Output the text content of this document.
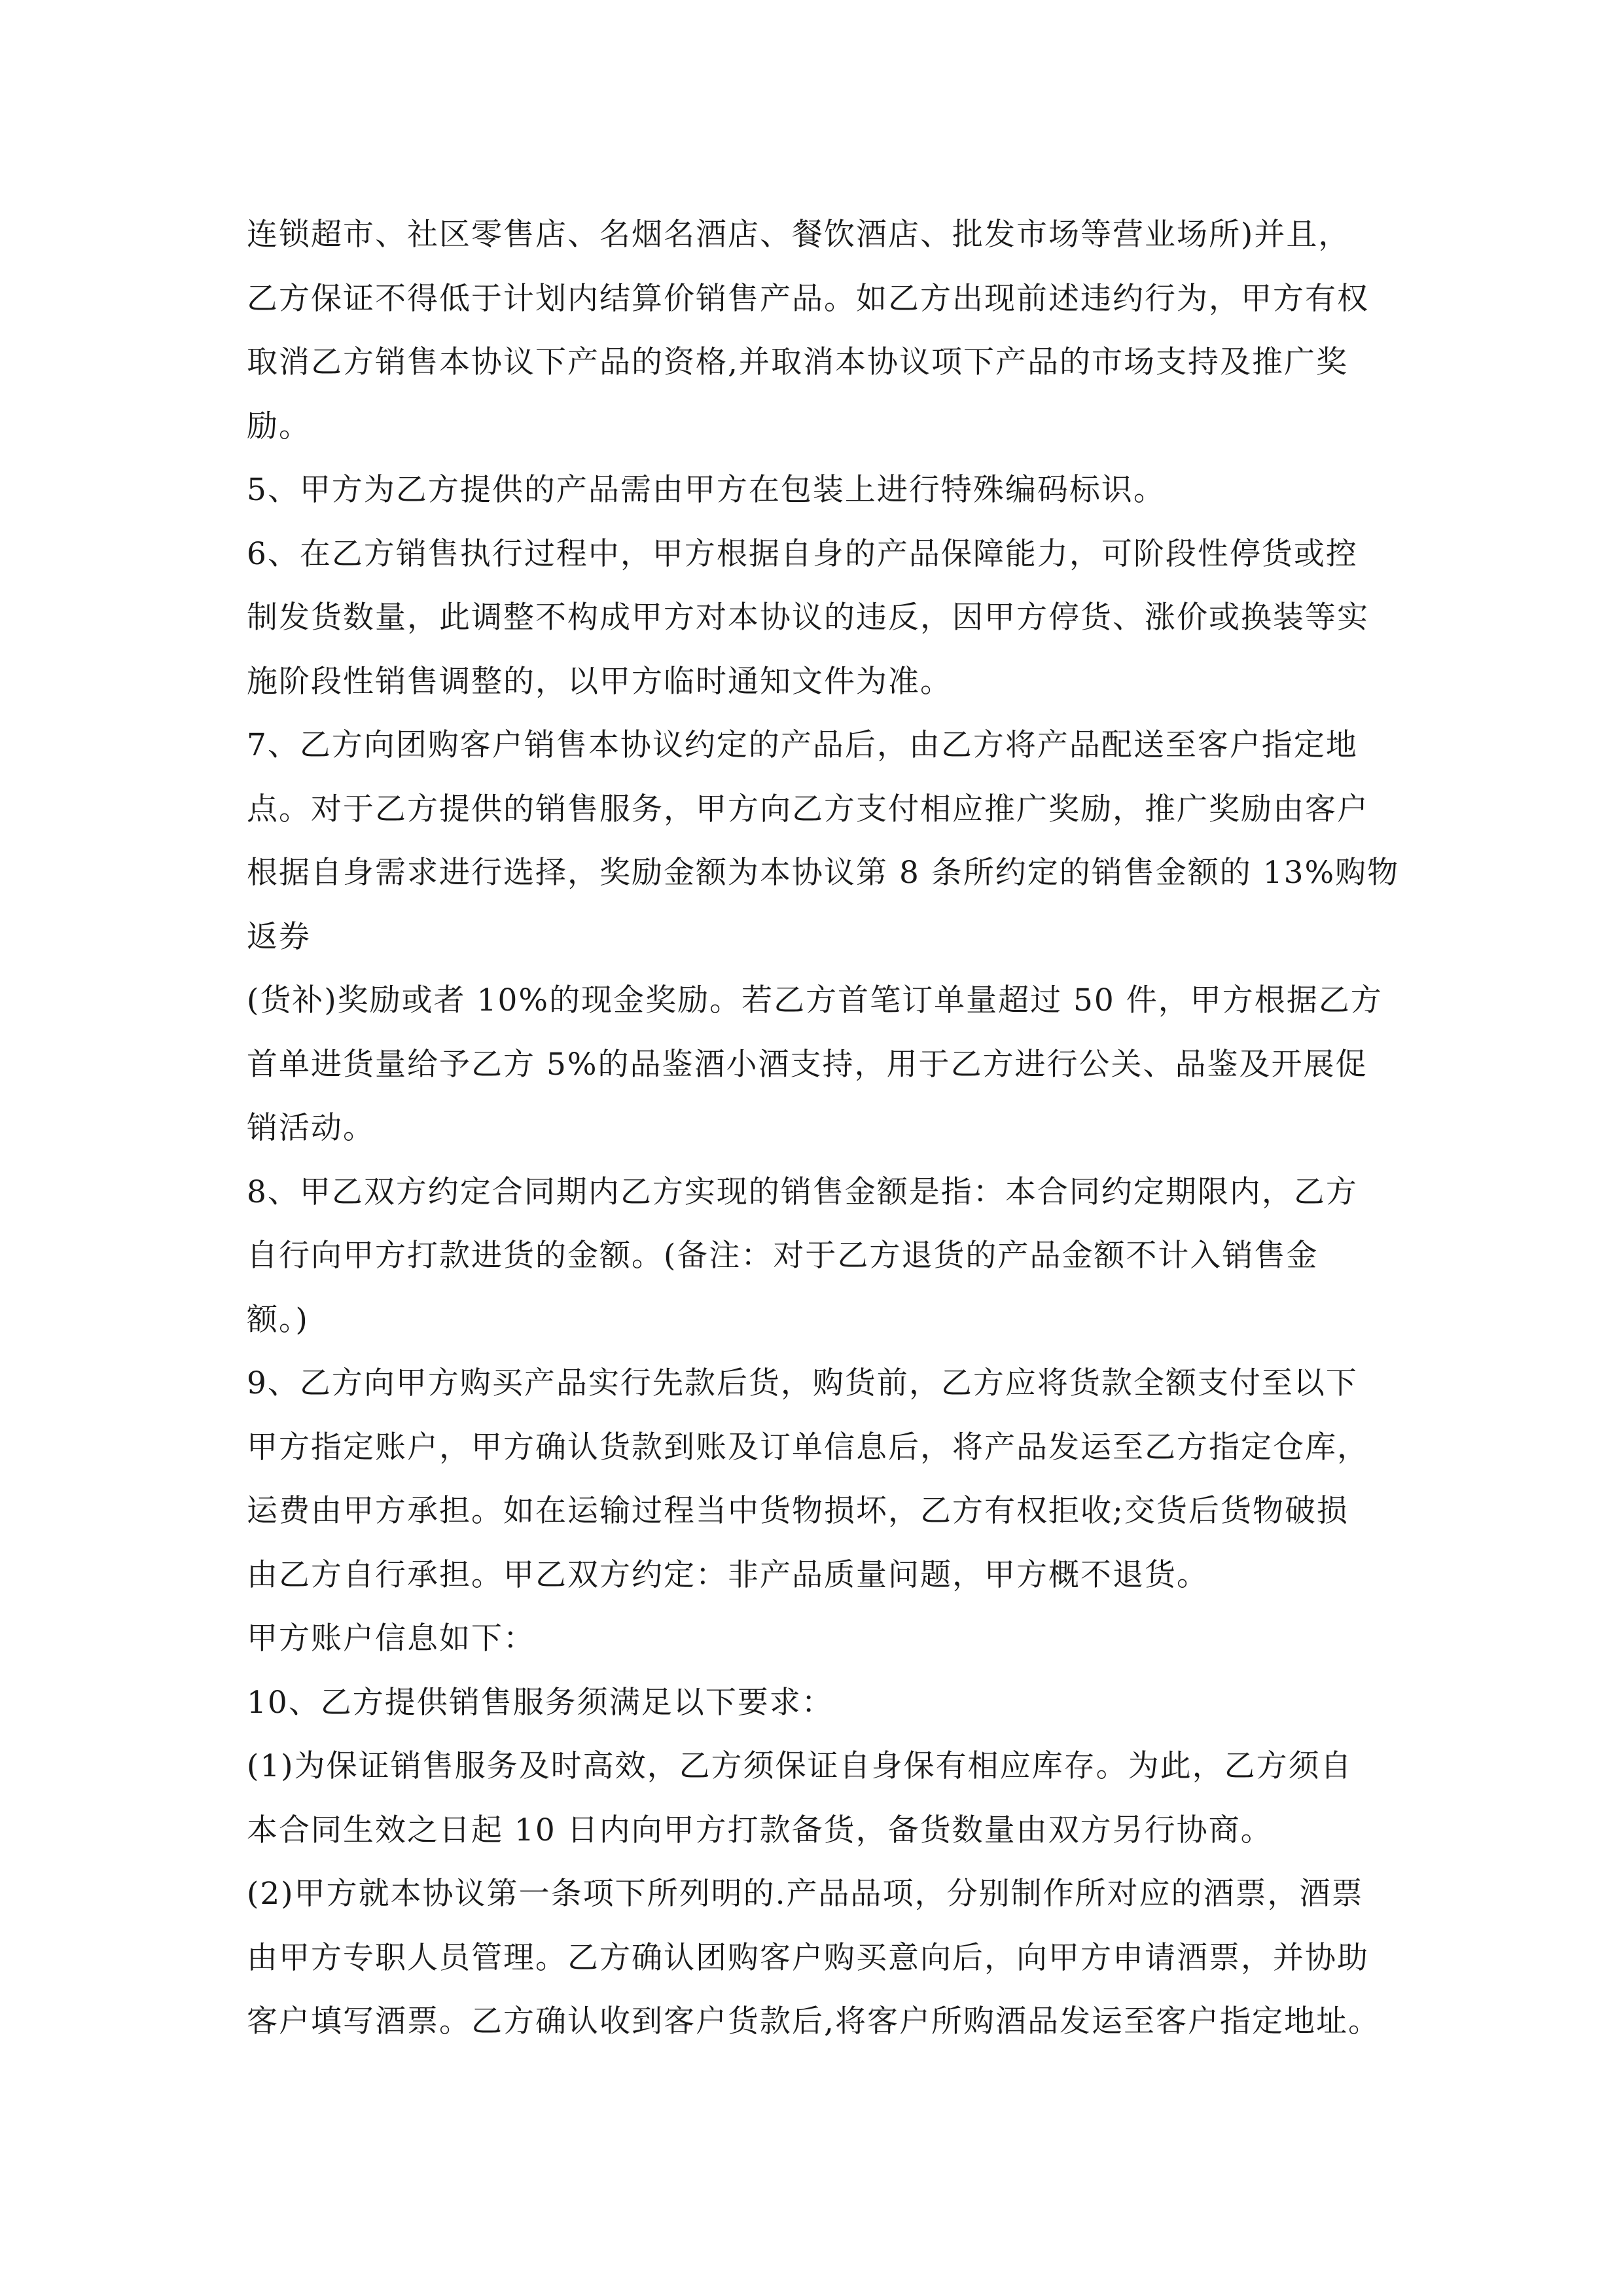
连锁超市、社区零售店、名烟名酒店、餐饮酒店、批发市场等营业场所)并且，
乙方保证不得低于计划内结算价销售产品。如乙方出现前述违约行为，甲方有权
取消乙方销售本协议下产品的资格,并取消本协议项下产品的市场支持及推广奖
励。
5、甲方为乙方提供的产品需由甲方在包装上进行特殊编码标识。
6、在乙方销售执行过程中，甲方根据自身的产品保障能力，可阶段性停货或控
制发货数量，此调整不构成甲方对本协议的违反，因甲方停货、涨价或换装等实
施阶段性销售调整的，以甲方临时通知文件为准。
7、乙方向团购客户销售本协议约定的产品后，由乙方将产品配送至客户指定地
点。对于乙方提供的销售服务，甲方向乙方支付相应推广奖励，推广奖励由客户
根据自身需求进行选择，奖励金额为本协议第 8 条所约定的销售金额的 13%购物
返券
(货补)奖励或者 10%的现金奖励。若乙方首笔订单量超过 50 件，甲方根据乙方
首单进货量给予乙方 5%的品鉴酒小酒支持，用于乙方进行公关、品鉴及开展促
销活动。
8、甲乙双方约定合同期内乙方实现的销售金额是指：本合同约定期限内，乙方
自行向甲方打款进货的金额。(备注：对于乙方退货的产品金额不计入销售金
额。)
9、乙方向甲方购买产品实行先款后货，购货前，乙方应将货款全额支付至以下
甲方指定账户，甲方确认货款到账及订单信息后，将产品发运至乙方指定仓库，
运费由甲方承担。如在运输过程当中货物损坏，乙方有权拒收;交货后货物破损
由乙方自行承担。甲乙双方约定：非产品质量问题，甲方概不退货。
甲方账户信息如下：
10、乙方提供销售服务须满足以下要求：
(1)为保证销售服务及时高效，乙方须保证自身保有相应库存。为此，乙方须自
本合同生效之日起 10 日内向甲方打款备货，备货数量由双方另行协商。
(2)甲方就本协议第一条项下所列明的.产品品项，分别制作所对应的酒票，酒票
由甲方专职人员管理。乙方确认团购客户购买意向后，向甲方申请酒票，并协助
客户填写酒票。乙方确认收到客户货款后,将客户所购酒品发运至客户指定地址。
